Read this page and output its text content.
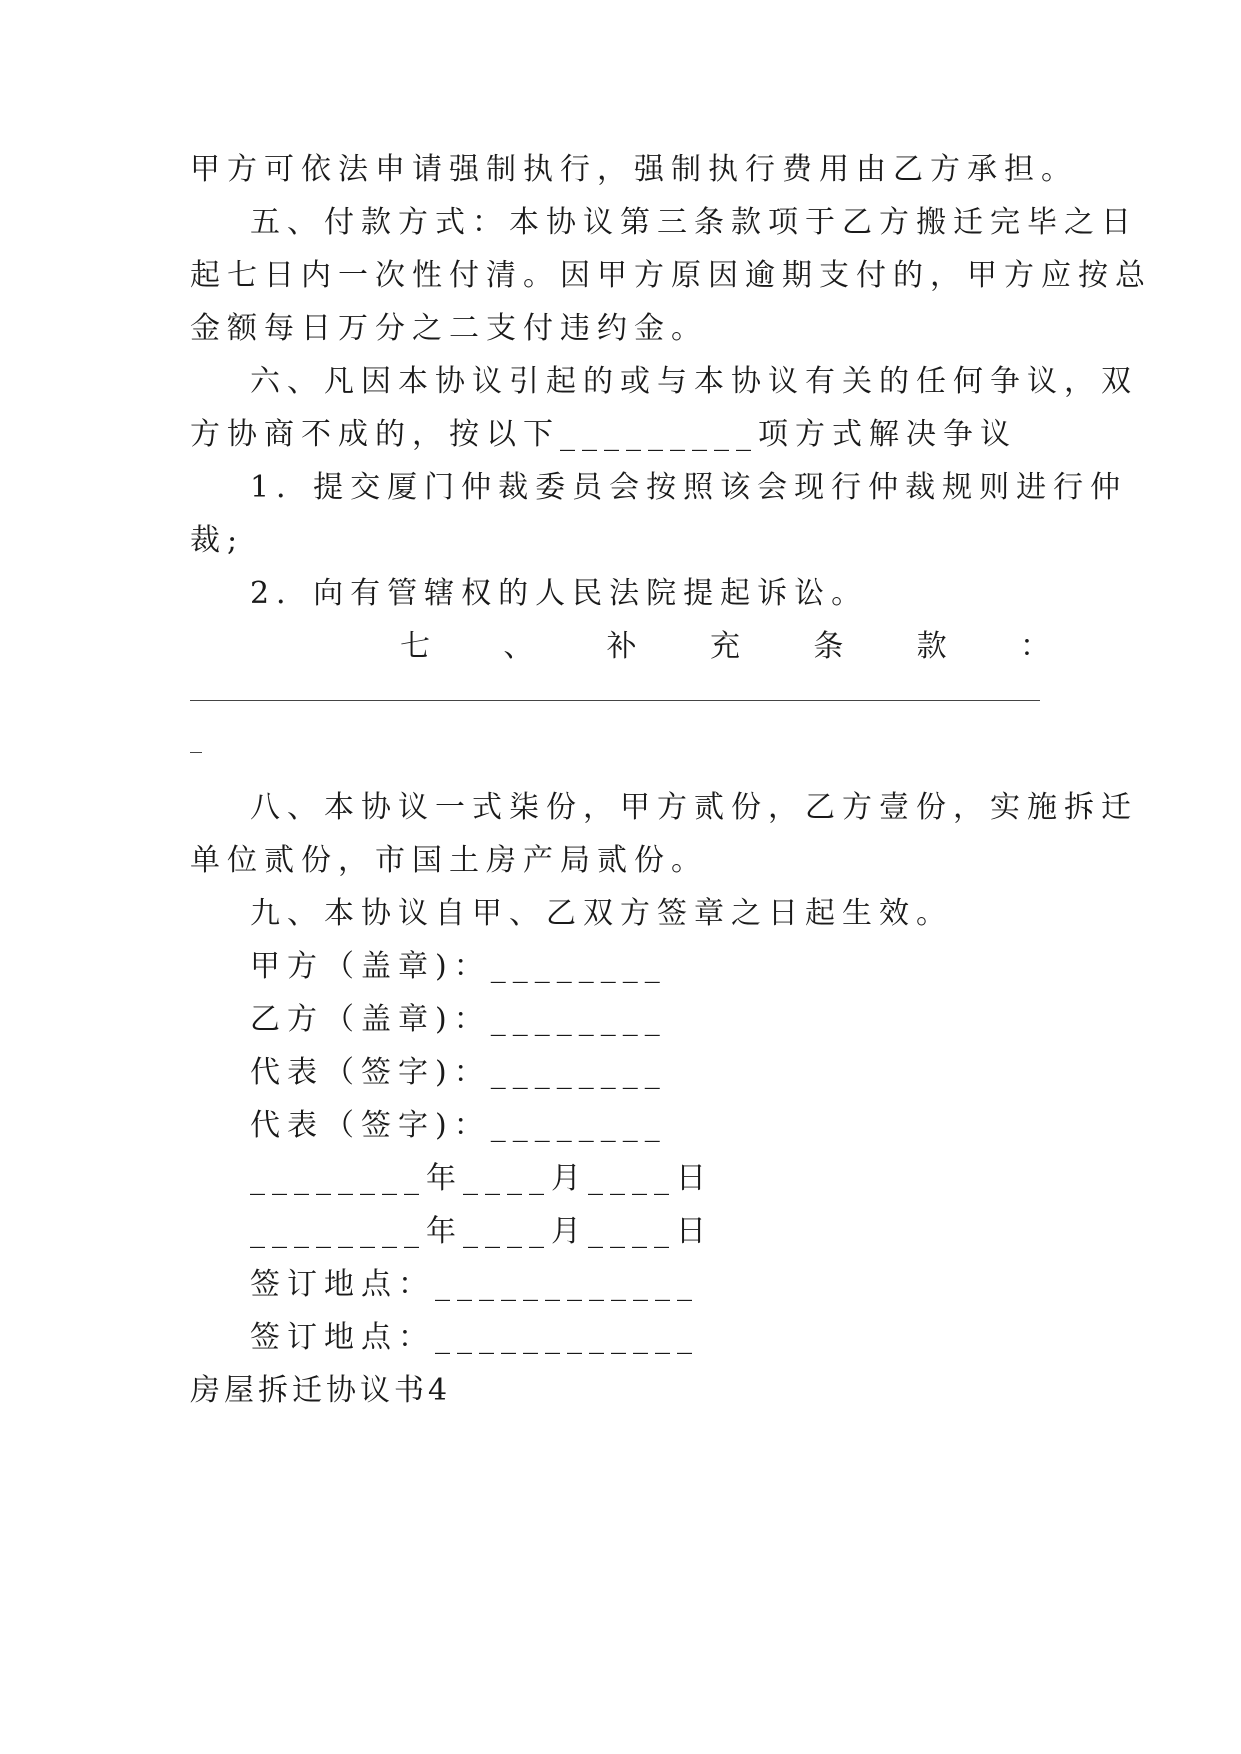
甲方可依法申请强制执行，强制执行费用由乙方承担。
五、付款方式：本协议第三条款项于乙方搬迁完毕之日
起七日内一次性付清。因甲方原因逾期支付的，甲方应按总
金额每日万分之二支付违约金。
六、凡因本协议引起的或与本协议有关的任何争议，双
方协商不成的，按以下_________项方式解决争议
1．提交厦门仲裁委员会按照该会现行仲裁规则进行仲
裁;
2．向有管辖权的人民法院提起诉讼。
七 、 补 充 条 款 ：
八、本协议一式柒份，甲方贰份，乙方壹份，实施拆迁
单位贰份，市国土房产局贰份。
九、本协议自甲、乙双方签章之日起生效。
甲方（盖章)：________
乙方（盖章)：________
代表（签字)：________
代表（签字)：________
________年____月____日
________年____月____日
签订地点：____________
签订地点：____________
房屋拆迁协议书4
